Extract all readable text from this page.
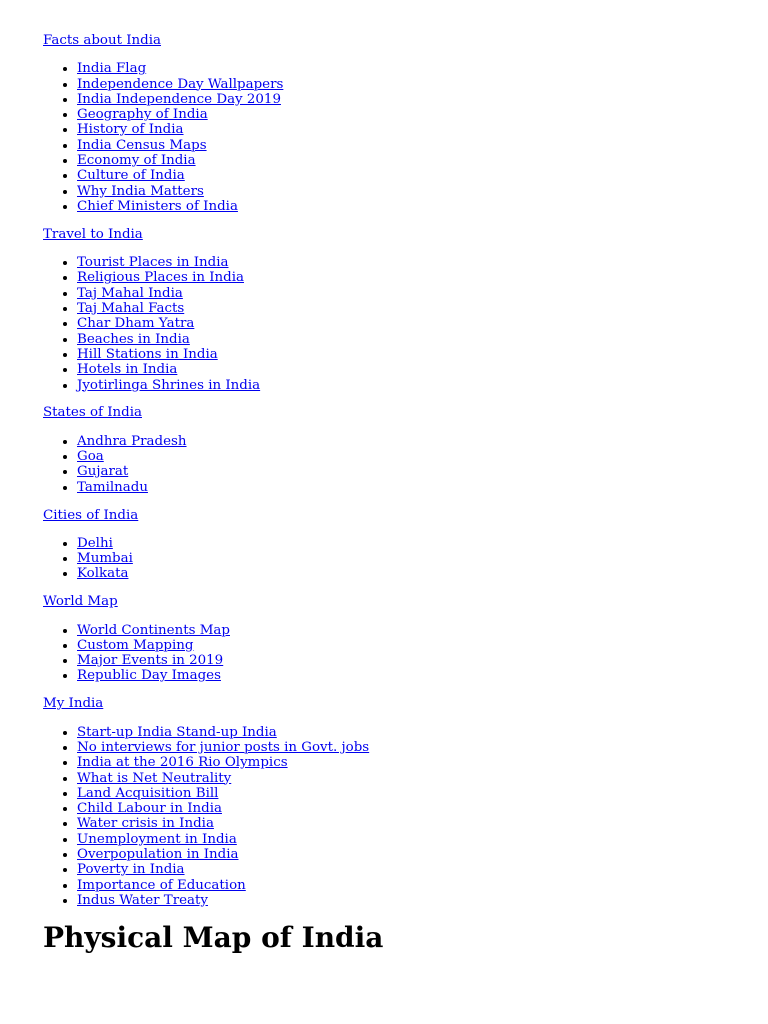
Facts about India
• India Flag
• Independence Day Wallpapers
• India Independence Day 2019
• Geography of India
• History of India
• India Census Maps
• Economy of India
• Culture of India
• Why India Matters
• Chief Ministers of India
Travel to India
• Tourist Places in India
• Religious Places in India
• Taj Mahal India
• Taj Mahal Facts
• Char Dham Yatra
• Beaches in India
• Hill Stations in India
• Hotels in India
• Jyotirlinga Shrines in India
States of India
• Andhra Pradesh
• Goa
• Gujarat
• Tamilnadu
Cities of India
• Delhi
• Mumbai
• Kolkata
World Map
• World Continents Map
• Custom Mapping
• Major Events in 2019
• Republic Day Images
My India
• Start-up India Stand-up India
• No interviews for junior posts in Govt. jobs
• India at the 2016 Rio Olympics
• What is Net Neutrality
• Land Acquisition Bill
• Child Labour in India
• Water crisis in India
• Unemployment in India
• Overpopulation in India
• Poverty in India
• Importance of Education
• Indus Water Treaty
Physical Map of India
